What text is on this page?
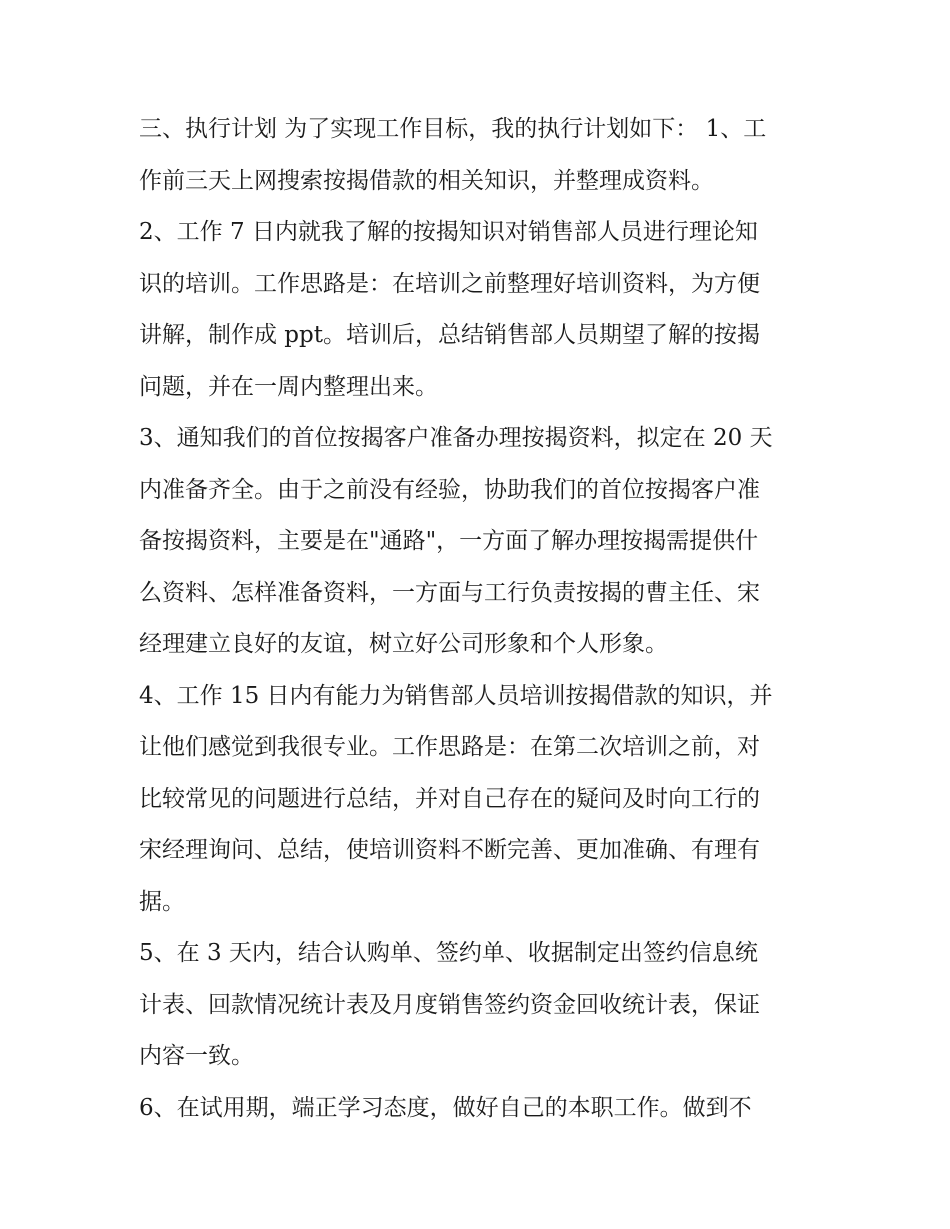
三、执行计划 为了实现工作目标，我的执行计划如下： 1、工
作前三天上网搜索按揭借款的相关知识，并整理成资料。
2、工作 7 日内就我了解的按揭知识对销售部人员进行理论知
识的培训。工作思路是：在培训之前整理好培训资料，为方便
讲解，制作成 ppt。培训后，总结销售部人员期望了解的按揭
问题，并在一周内整理出来。
3、通知我们的首位按揭客户准备办理按揭资料，拟定在 20 天
内准备齐全。由于之前没有经验，协助我们的首位按揭客户准
备按揭资料，主要是在"通路"，一方面了解办理按揭需提供什
么资料、怎样准备资料，一方面与工行负责按揭的曹主任、宋
经理建立良好的友谊，树立好公司形象和个人形象。
4、工作 15 日内有能力为销售部人员培训按揭借款的知识，并
让他们感觉到我很专业。工作思路是：在第二次培训之前，对
比较常见的问题进行总结，并对自己存在的疑问及时向工行的
宋经理询问、总结，使培训资料不断完善、更加准确、有理有
据。
5、在 3 天内，结合认购单、签约单、收据制定出签约信息统
计表、回款情况统计表及月度销售签约资金回收统计表，保证
内容一致。
6、在试用期，端正学习态度，做好自己的本职工作。做到不
